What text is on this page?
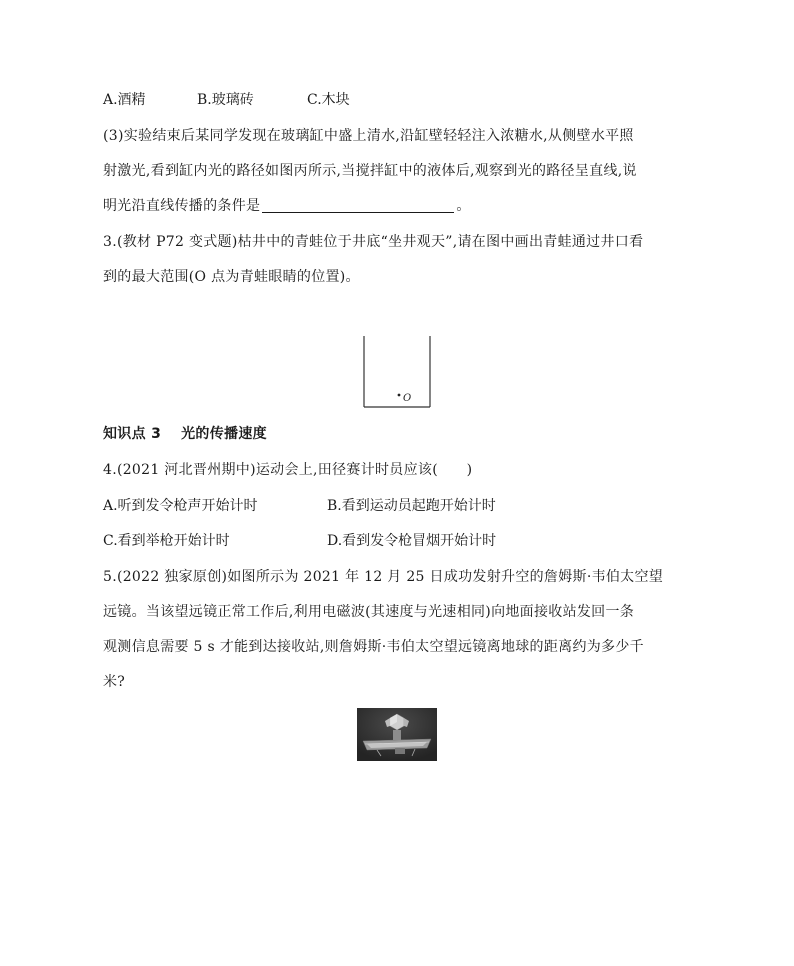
A.酒精	B.玻璃砖	C.木块
(3)实验结束后某同学发现在玻璃缸中盛上清水,沿缸壁轻轻注入浓糖水,从侧壁水平照
射激光,看到缸内光的路径如图丙所示,当搅拌缸中的液体后,观察到光的路径呈直线,说
明光沿直线传播的条件是	。
3.(教材 P72 变式题)枯井中的青蛙位于井底“坐井观天”,请在图中画出青蛙通过井口看
到的最大范围(O 点为青蛙眼睛的位置)。
O
知识点 3 光的传播速度
4.(2021 河北晋州期中)运动会上,田径赛计时员应该(　　)
A.听到发令枪声开始计时	B.看到运动员起跑开始计时
C.看到举枪开始计时	D.看到发令枪冒烟开始计时
5.(2022 独家原创)如图所示为 2021 年 12 月 25 日成功发射升空的詹姆斯·韦伯太空望
远镜。当该望远镜正常工作后,利用电磁波(其速度与光速相同)向地面接收站发回一条
观测信息需要 5 s 才能到达接收站,则詹姆斯·韦伯太空望远镜离地球的距离约为多少千
米?
